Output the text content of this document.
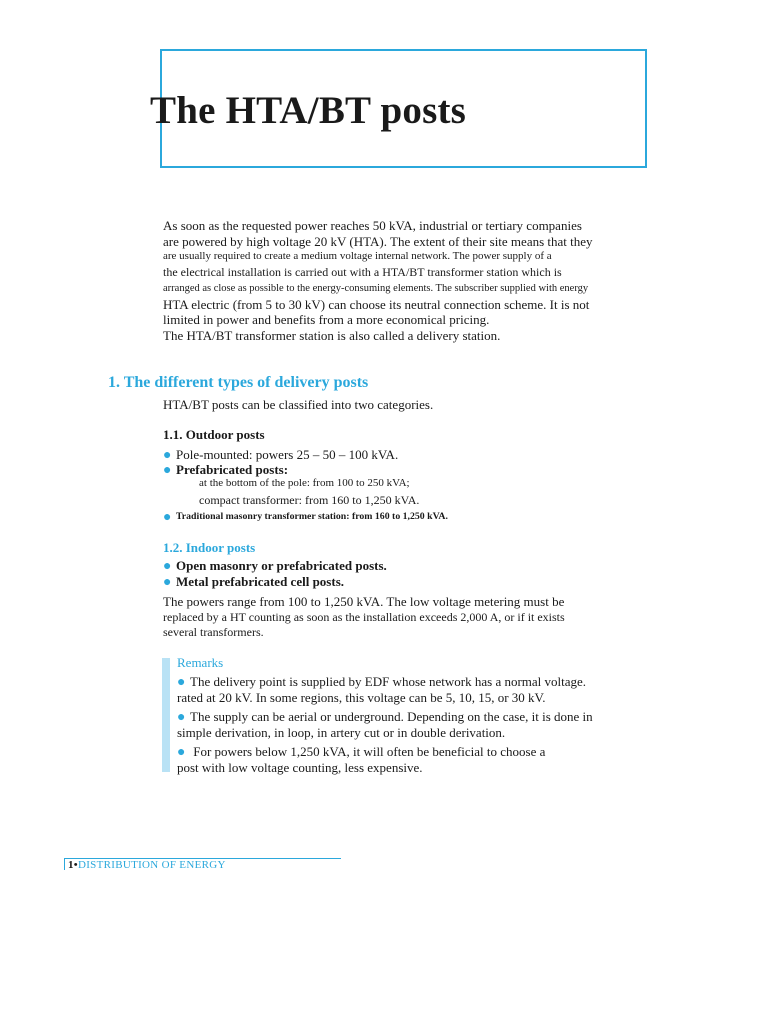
The HTA/BT posts
As soon as the requested power reaches 50 kVA, industrial or tertiary companies
are powered by high voltage 20 kV (HTA). The extent of their site means that they
are usually required to create a medium voltage internal network. The power supply of a
the electrical installation is carried out with a HTA/BT transformer station which is
arranged as close as possible to the energy-consuming elements. The subscriber supplied with energy
HTA electric (from 5 to 30 kV) can choose its neutral connection scheme. It is not
limited in power and benefits from a more economical pricing.
The HTA/BT transformer station is also called a delivery station.
1. The different types of delivery posts
HTA/BT posts can be classified into two categories.
1.1. Outdoor posts
● Pole-mounted: powers 25 – 50 – 100 kVA.
● Prefabricated posts:
at the bottom of the pole: from 100 to 250 kVA;
compact transformer: from 160 to 1,250 kVA.
● Traditional masonry transformer station: from 160 to 1,250 kVA.
1.2. Indoor posts
● Open masonry or prefabricated posts.
● Metal prefabricated cell posts.
The powers range from 100 to 1,250 kVA. The low voltage metering must be
replaced by a HT counting as soon as the installation exceeds 2,000 A, or if it exists
several transformers.
Remarks
● The delivery point is supplied by EDF whose network has a normal voltage.
rated at 20 kV. In some regions, this voltage can be 5, 10, 15, or 30 kV.
● The supply can be aerial or underground. Depending on the case, it is done in
simple derivation, in loop, in artery cut or in double derivation.
● For powers below 1,250 kVA, it will often be beneficial to choose a
post with low voltage counting, less expensive.
1•DISTRIBUTION OF ENERGY
